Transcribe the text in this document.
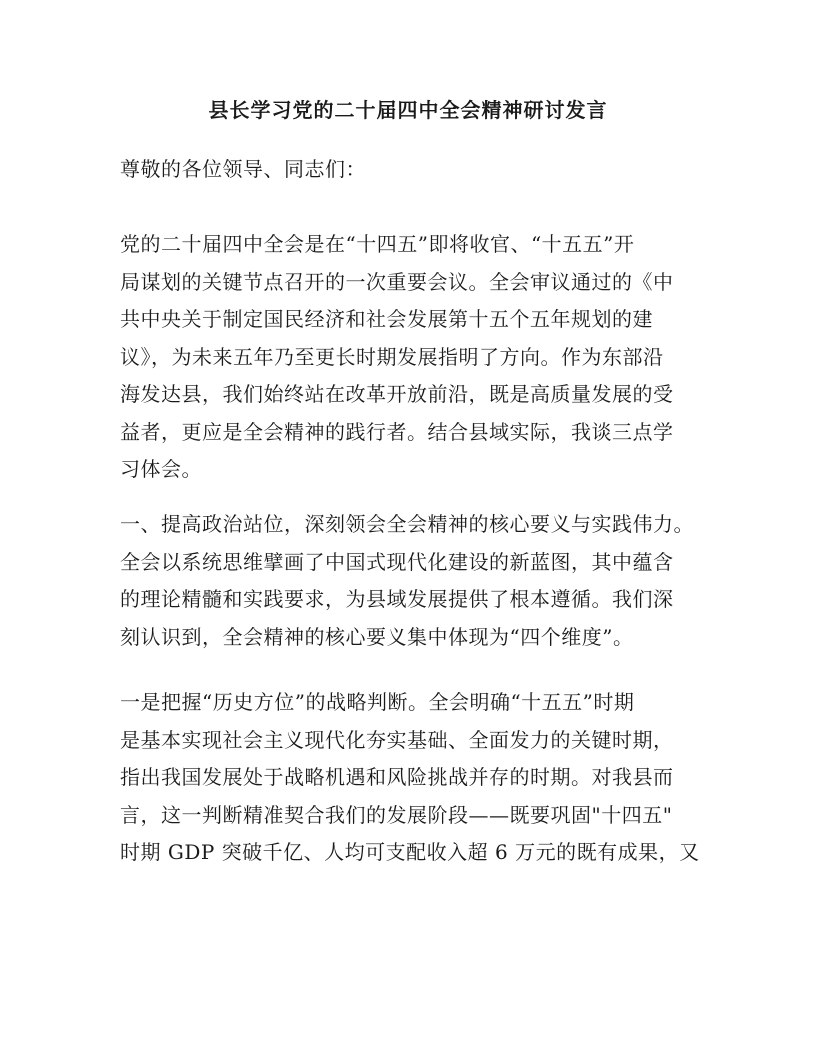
县长学习党的二十届四中全会精神研讨发言
尊敬的各位领导、同志们：
党的二十届四中全会是在“十四五”即将收官、“十五五”开
局谋划的关键节点召开的一次重要会议。全会审议通过的《中
共中央关于制定国民经济和社会发展第十五个五年规划的建
议》，为未来五年乃至更长时期发展指明了方向。作为东部沿
海发达县，我们始终站在改革开放前沿，既是高质量发展的受
益者，更应是全会精神的践行者。结合县域实际，我谈三点学
习体会。
一、提高政治站位，深刻领会全会精神的核心要义与实践伟力。
全会以系统思维擘画了中国式现代化建设的新蓝图，其中蕴含
的理论精髓和实践要求，为县域发展提供了根本遵循。我们深
刻认识到，全会精神的核心要义集中体现为“四个维度”。
一是把握“历史方位”的战略判断。全会明确“十五五”时期
是基本实现社会主义现代化夯实基础、全面发力的关键时期，
指出我国发展处于战略机遇和风险挑战并存的时期。对我县而
言，这一判断精准契合我们的发展阶段——既要巩固"十四五"
时期 GDP 突破千亿、人均可支配收入超 6 万元的既有成果，又
